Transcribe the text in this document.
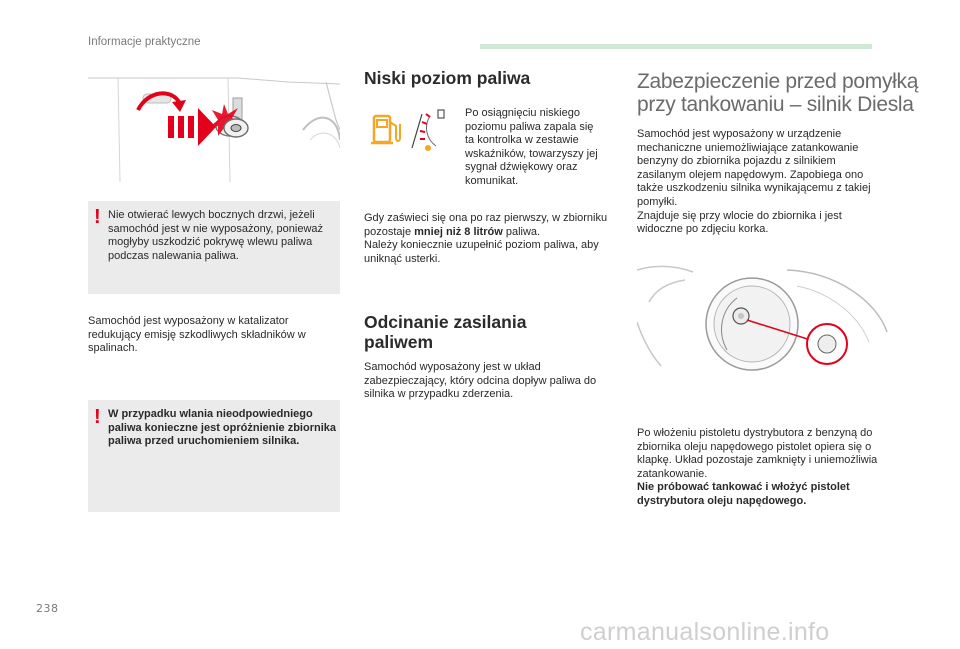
Informacje praktyczne
! Nie otwierać lewych bocznych drzwi, jeżeli samochód jest w nie wyposażony, ponieważ mogłyby uszkodzić pokrywę wlewu paliwa podczas nalewania paliwa.
Samochód jest wyposażony w katalizator redukujący emisję szkodliwych składników w spalinach.
! W przypadku wlania nieodpowiedniego paliwa konieczne jest opróżnienie zbiornika paliwa przed uruchomieniem silnika.
Niski poziom paliwa
Po osiągnięciu niskiego poziomu paliwa zapala się ta kontrolka w zestawie wskaźników, towarzyszy jej sygnał dźwiękowy oraz komunikat.
Gdy zaświeci się ona po raz pierwszy, w zbiorniku pozostaje mniej niż 8 litrów paliwa.
Należy koniecznie uzupełnić poziom paliwa, aby uniknąć usterki.
Odcinanie zasilania
paliwem
Samochód wyposażony jest w układ zabezpieczający, który odcina dopływ paliwa do silnika w przypadku zderzenia.
Zabezpieczenie przed pomyłką
przy tankowaniu – silnik Diesla
Samochód jest wyposażony w urządzenie mechaniczne uniemożliwiające zatankowanie benzyny do zbiornika pojazdu z silnikiem zasilanym olejem napędowym. Zapobiega ono także uszkodzeniu silnika wynikającemu z takiej pomyłki.
Znajduje się przy wlocie do zbiornika i jest widoczne po zdjęciu korka.
Po włożeniu pistoletu dystrybutora z benzyną do zbiornika oleju napędowego pistolet opiera się o klapkę. Układ pozostaje zamknięty i uniemożliwia zatankowanie.
Nie próbować tankować i włożyć pistolet dystrybutora oleju napędowego.
238
carmanualsonline.info
